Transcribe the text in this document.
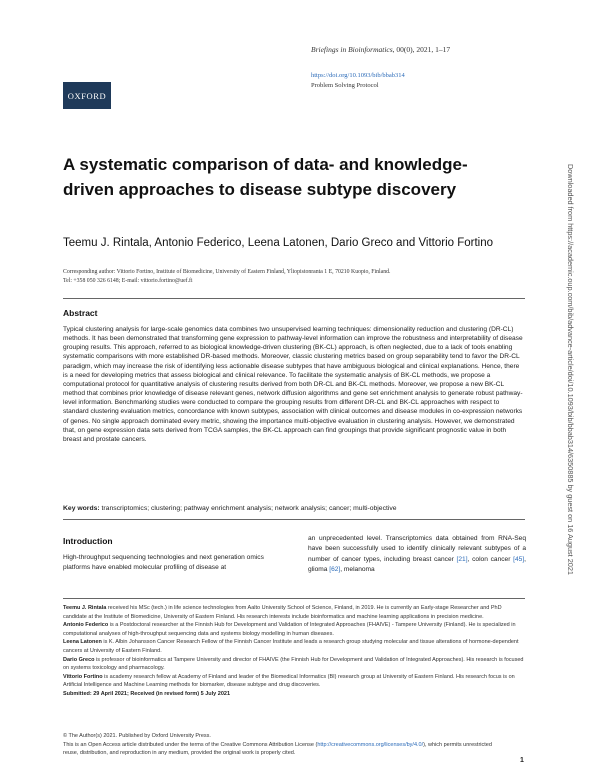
OXFORD
Briefings in Bioinformatics, 00(0), 2021, 1–17
https://doi.org/10.1093/bib/bbab314
Problem Solving Protocol
A systematic comparison of data- and knowledge-driven approaches to disease subtype discovery
Teemu J. Rintala, Antonio Federico, Leena Latonen, Dario Greco and Vittorio Fortino
Corresponding author: Vittorio Fortino, Institute of Biomedicine, University of Eastern Finland, Yliopistonranta 1 E, 70210 Kuopio, Finland.
Tel: +358 050 326 6148; E-mail: vittorio.fortino@uef.fi
Abstract
Typical clustering analysis for large-scale genomics data combines two unsupervised learning techniques: dimensionality reduction and clustering (DR-CL) methods. It has been demonstrated that transforming gene expression to pathway-level information can improve the robustness and interpretability of disease grouping results. This approach, referred to as biological knowledge-driven clustering (BK-CL) approach, is often neglected, due to a lack of tools enabling systematic comparisons with more established DR-based methods. Moreover, classic clustering metrics based on group separability tend to favor the DR-CL paradigm, which may increase the risk of identifying less actionable disease subtypes that have ambiguous biological and clinical explanations. Hence, there is a need for developing metrics that assess biological and clinical relevance. To facilitate the systematic analysis of BK-CL methods, we propose a computational protocol for quantitative analysis of clustering results derived from both DR-CL and BK-CL methods. Moreover, we propose a new BK-CL method that combines prior knowledge of disease relevant genes, network diffusion algorithms and gene set enrichment analysis to generate robust pathway-level information. Benchmarking studies were conducted to compare the grouping results from different DR-CL and BK-CL approaches with respect to standard clustering evaluation metrics, concordance with known subtypes, association with clinical outcomes and disease modules in co-expression networks of genes. No single approach dominated every metric, showing the importance multi-objective evaluation in clustering analysis. However, we demonstrated that, on gene expression data sets derived from TCGA samples, the BK-CL approach can find groupings that provide significant prognostic value in both breast and prostate cancers.
Key words: transcriptomics; clustering; pathway enrichment analysis; network analysis; cancer; multi-objective
Introduction
High-throughput sequencing technologies and next generation omics platforms have enabled molecular profiling of disease at
an unprecedented level. Transcriptomics data obtained from RNA-Seq have been successfully used to identify clinically relevant subtypes of a number of cancer types, including breast cancer [21], colon cancer [45], glioma [62], melanoma
Teemu J. Rintala received his MSc (tech.) in life science technologies from Aalto University School of Science, Finland, in 2019. He is currently an Early-stage Researcher and PhD candidate at the Institute of Biomedicine, University of Eastern Finland. His research interests include bioinformatics and machine learning applications in precision medicine.
Antonio Federico is a Postdoctoral researcher at the Finnish Hub for Development and Validation of Integrated Approaches (FHAIVE) - Tampere University (Finland). He is specialized in computational analyses of high-throughput sequencing data and systems biology modelling in human diseases.
Leena Latonen is K. Albin Johansson Cancer Research Fellow of the Finnish Cancer Institute and leads a research group studying molecular and tissue alterations of hormone-dependent cancers at University of Eastern Finland.
Dario Greco is professor of bioinformatics at Tampere University and director of FHAIVE (the Finnish Hub for Development and Validation of Integrated Approaches). His research is focused on systems toxicology and pharmacology.
Vittorio Fortino is academy research fellow at Academy of Finland and leader of the Biomedical Informatics (BI) research group at University of Eastern Finland. His research focus is on Artificial Intelligence and Machine Learning methods for biomarker, disease subtype and drug discoveries.
Submitted: 29 April 2021; Received (in revised form) 5 July 2021
© The Author(s) 2021. Published by Oxford University Press.
This is an Open Access article distributed under the terms of the Creative Commons Attribution License (http://creativecommons.org/licenses/by/4.0/), which permits unrestricted reuse, distribution, and reproduction in any medium, provided the original work is properly cited.
1
Downloaded from https://academic.oup.com/bib/advance-article/doi/10.1093/bib/bbab314/6350885 by guest on 16 August 2021
